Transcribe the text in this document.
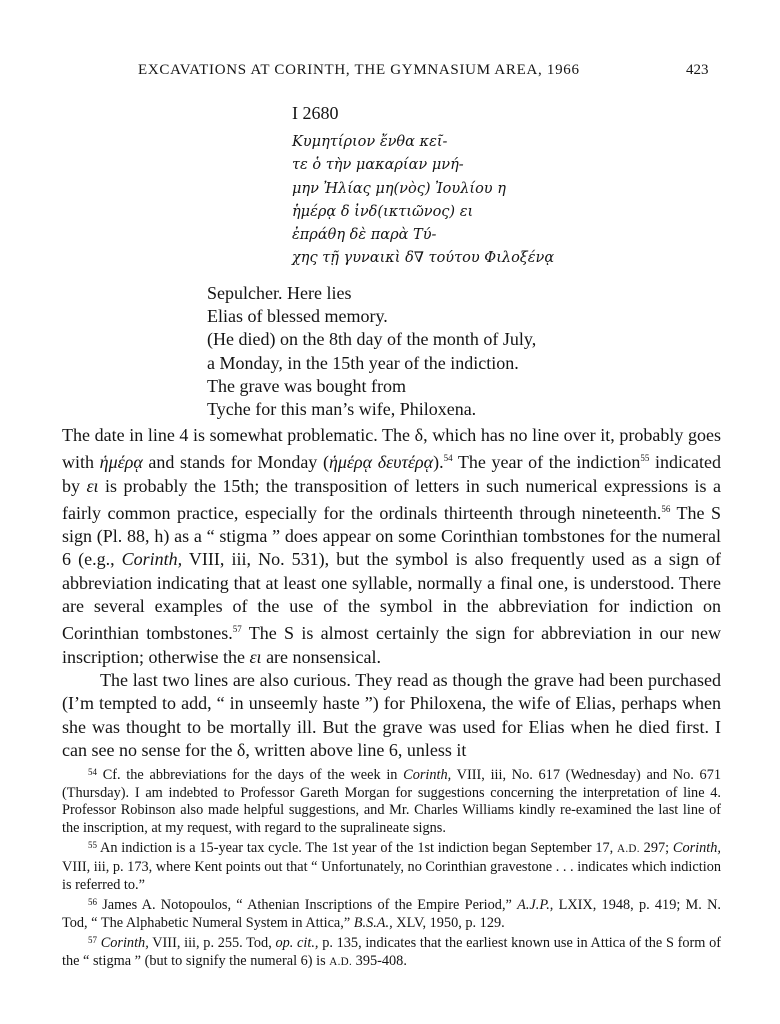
EXCAVATIONS AT CORINTH, THE GYMNASIUM AREA, 1966	423
I 2680
Κυμητίριον ἔνθα κεῖ-
τε ὁ τὴν μακαρίαν μνή-
μην Ἠλίας μη(νὸς) Ἰουλίου η
ἡμέρᾳ δ ἰνδ(ικτιῶνος) ει
ἐπράθη δὲ παρὰ Τύ-
χης τῇ γυναικὶ δ∇ τούτου Φιλοξένᾳ
Sepulcher. Here lies
Elias of blessed memory.
(He died) on the 8th day of the month of July,
a Monday, in the 15th year of the indiction.
The grave was bought from
Tyche for this man’s wife, Philoxena.

The date in line 4 is somewhat problematic. The δ, which has no line over it, probably goes with ἡμέρᾳ and stands for Monday (ἡμέρᾳ δευτέρᾳ).$^{54}$ The year of the indiction$^{55}$ indicated by ει is probably the 15th; the transposition of letters in such numerical expressions is a fairly common practice, especially for the ordinals thirteenth through nineteenth.$^{56}$ The S sign (Pl. 88, h) as a “ stigma ” does appear on some Corinthian tombstones for the numeral 6 (e.g., Corinth, VIII, iii, No. 531), but the symbol is also frequently used as a sign of abbreviation indicating that at least one syllable, normally a final one, is understood. There are several examples of the use of the symbol in the abbreviation for indiction on Corinthian tombstones.$^{57}$ The S is almost certainly the sign for abbreviation in our new inscription; otherwise the ει are nonsensical.

The last two lines are also curious. They read as though the grave had been purchased (I’m tempted to add, “ in unseemly haste ”) for Philoxena, the wife of Elias, perhaps when she was thought to be mortally ill. But the grave was used for Elias when he died first. I can see no sense for the δ, written above line 6, unless it

$^{54}$ Cf. the abbreviations for the days of the week in Corinth, VIII, iii, No. 617 (Wednesday) and No. 671 (Thursday). I am indebted to Professor Gareth Morgan for suggestions concerning the interpretation of line 4. Professor Robinson also made helpful suggestions, and Mr. Charles Williams kindly re-examined the last line of the inscription, at my request, with regard to the supralineate signs.

$^{55}$ An indiction is a 15-year tax cycle. The 1st year of the 1st indiction began September 17, A.D. 297; Corinth, VIII, iii, p. 173, where Kent points out that “ Unfortunately, no Corinthian gravestone . . . indicates which indiction is referred to.”

$^{56}$ James A. Notopoulos, “ Athenian Inscriptions of the Empire Period,” A.J.P., LXIX, 1948, p. 419; M. N. Tod, “ The Alphabetic Numeral System in Attica,” B.S.A., XLV, 1950, p. 129.

$^{57}$ Corinth, VIII, iii, p. 255. Tod, op. cit., p. 135, indicates that the earliest known use in Attica of the S form of the “ stigma ” (but to signify the numeral 6) is A.D. 395-408.
